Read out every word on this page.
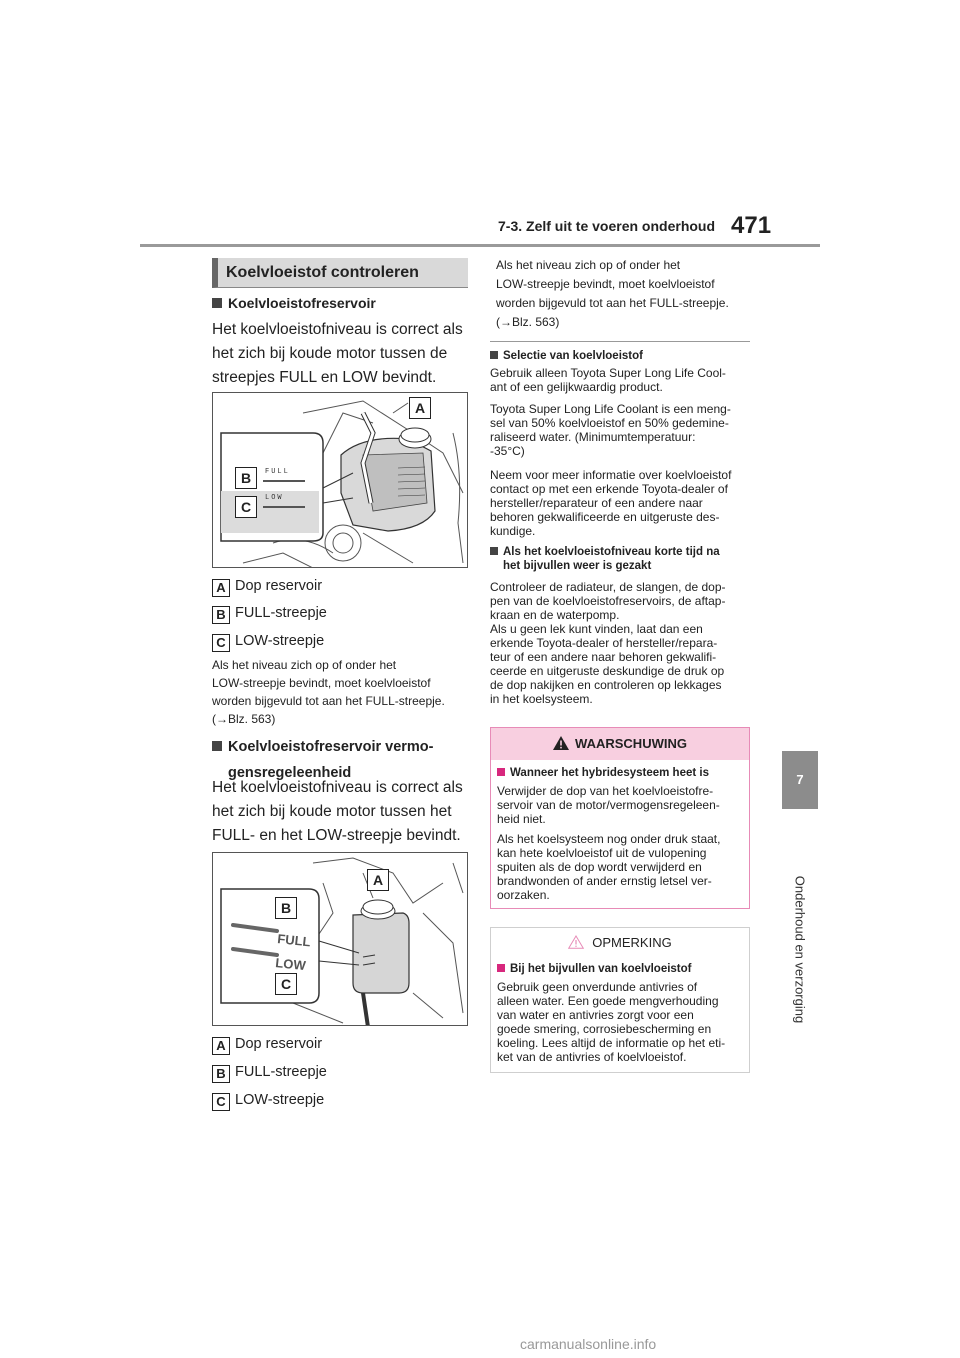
7-3. Zelf uit te voeren onderhoud 471
7
Onderhoud en verzorging
Koelvloeistof controleren
Koelvloeistofreservoir
Het koelvloeistofniveau is correct als
het zich bij koude motor tussen de
streepjes FULL en LOW bevindt.
FULL
LOW
A
B
C
A Dop reservoir
B FULL-streepje
C LOW-streepje
Als het niveau zich op of onder het
LOW-streepje bevindt, moet koelvloeistof
worden bijgevuld tot aan het FULL-streepje.
(→Blz. 563)
Koelvloeistofreservoir vermo-
gensregeleenheid
Het koelvloeistofniveau is correct als
het zich bij koude motor tussen het
FULL- en het LOW-streepje bevindt.
FULL
LOW
A
B
C
A Dop reservoir
B FULL-streepje
C LOW-streepje
Als het niveau zich op of onder het
LOW-streepje bevindt, moet koelvloeistof
worden bijgevuld tot aan het FULL-streepje.
(→Blz. 563)
Selectie van koelvloeistof
Gebruik alleen Toyota Super Long Life Cool-
ant of een gelijkwaardig product.
Toyota Super Long Life Coolant is een meng-
sel van 50% koelvloeistof en 50% gedemine-
raliseerd water. (Minimumtemperatuur:
-35°C)
Neem voor meer informatie over koelvloeistof
contact op met een erkende Toyota-dealer of
hersteller/reparateur of een andere naar
behoren gekwalificeerde en uitgeruste des-
kundige.
Als het koelvloeistofniveau korte tijd na
het bijvullen weer is gezakt
Controleer de radiateur, de slangen, de dop-
pen van de koelvloeistofreservoirs, de aftap-
kraan en de waterpomp.
Als u geen lek kunt vinden, laat dan een
erkende Toyota-dealer of hersteller/repara-
teur of een andere naar behoren gekwalifi-
ceerde en uitgeruste deskundige de druk op
de dop nakijken en controleren op lekkages
in het koelsysteem.
WAARSCHUWING
Wanneer het hybridesysteem heet is
Verwijder de dop van het koelvloeistofre-
servoir van de motor/vermogensregeleen-
heid niet.
Als het koelsysteem nog onder druk staat,
kan hete koelvloeistof uit de vulopening
spuiten als de dop wordt verwijderd en
brandwonden of ander ernstig letsel ver-
oorzaken.
OPMERKING
Bij het bijvullen van koelvloeistof
Gebruik geen onverdunde antivries of
alleen water. Een goede mengverhouding
van water en antivries zorgt voor een
goede smering, corrosiebescherming en
koeling. Lees altijd de informatie op het eti-
ket van de antivries of koelvloeistof.
carmanualsonline.info
